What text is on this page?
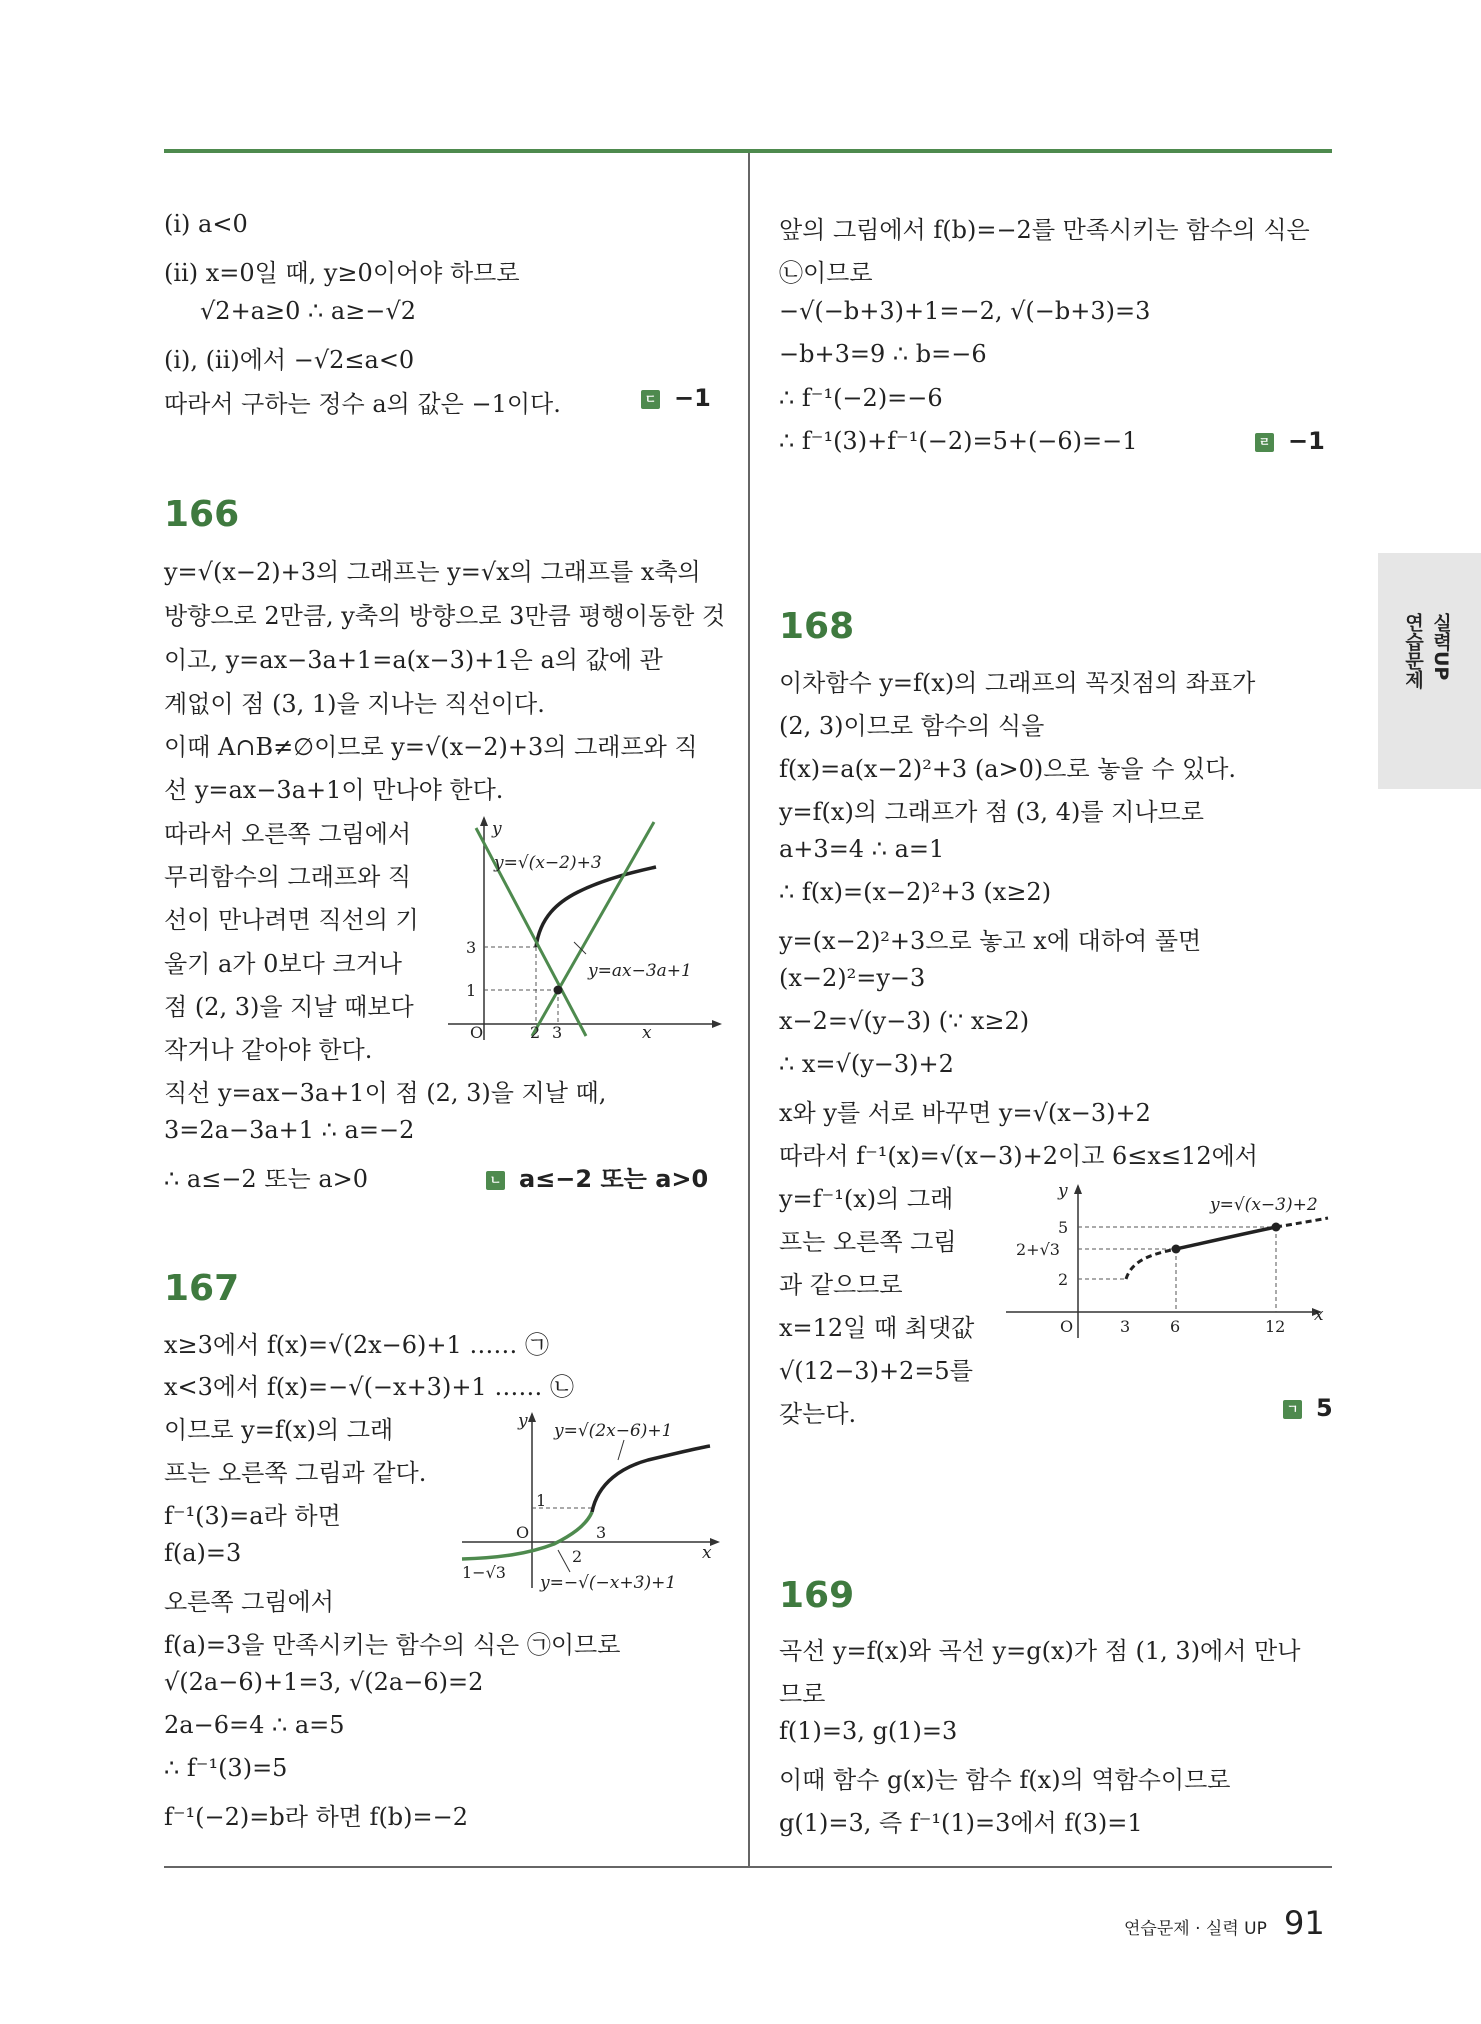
(ⅰ) a<0
(ⅱ) x=0일 때, y≥0이어야 하므로
√2+a≥0 ∴ a≥−√2
(ⅰ), (ⅱ)에서 −√2≤a<0
따라서 구하는 정수 a의 값은 −1이다.	ㄷ −1
166
y=√(x−2)+3의 그래프는 y=√x의 그래프를 x축의
방향으로 2만큼, y축의 방향으로 3만큼 평행이동한 것
이고, y=ax−3a+1=a(x−3)+1은 a의 값에 관
계없이 점 (3, 1)을 지나는 직선이다.
이때 A∩B≠∅이므로 y=√(x−2)+3의 그래프와 직
선 y=ax−3a+1이 만나야 한다.
따라서 오른쪽 그림에서
무리함수의 그래프와 직
선이 만나려면 직선의 기
울기 a가 0보다 크거나
점 (2, 3)을 지날 때보다
작거나 같아야 한다.
직선 y=ax−3a+1이 점 (2, 3)을 지날 때,
3=2a−3a+1 ∴ a=−2
∴ a≤−2 또는 a>0	ㄴ a≤−2 또는 a>0
y=√(x−2)+3
y=ax−3a+1
y
x
3
1
O	2 3
167
x≥3에서 f(x)=√(2x−6)+1 …… ㉠
x<3에서 f(x)=−√(−x+3)+1 …… ㉡
이므로 y=f(x)의 그래
프는 오른쪽 그림과 같다.
f⁻¹(3)=a라 하면
f(a)=3
오른쪽 그림에서
f(a)=3을 만족시키는 함수의 식은 ㉠이므로
√(2a−6)+1=3, √(2a−6)=2
2a−6=4 ∴ a=5
∴ f⁻¹(3)=5
f⁻¹(−2)=b라 하면 f(b)=−2
y=√(2x−6)+1
y=−√(−x+3)+1
y
x
O
1
3
2
1−√3
앞의 그림에서 f(b)=−2를 만족시키는 함수의 식은
㉡이므로
−√(−b+3)+1=−2, √(−b+3)=3
−b+3=9 ∴ b=−6
∴ f⁻¹(−2)=−6
∴ f⁻¹(3)+f⁻¹(−2)=5+(−6)=−1	ㄹ −1
168
이차함수 y=f(x)의 그래프의 꼭짓점의 좌표가
(2, 3)이므로 함수의 식을
f(x)=a(x−2)²+3 (a>0)으로 놓을 수 있다.
y=f(x)의 그래프가 점 (3, 4)를 지나므로
a+3=4 ∴ a=1
∴ f(x)=(x−2)²+3 (x≥2)
y=(x−2)²+3으로 놓고 x에 대하여 풀면
(x−2)²=y−3
x−2=√(y−3) (∵ x≥2)
∴ x=√(y−3)+2
x와 y를 서로 바꾸면 y=√(x−3)+2
따라서 f⁻¹(x)=√(x−3)+2이고 6≤x≤12에서
y=f⁻¹(x)의 그래
프는 오른쪽 그림
과 같으므로
x=12일 때 최댓값
√(12−3)+2=5를
갖는다.	ㄱ 5
y=√(x−3)+2
y
x
5
2+√3
2
O	3 6	12
169
곡선 y=f(x)와 곡선 y=g(x)가 점 (1, 3)에서 만나
므로
f(1)=3, g(1)=3
이때 함수 g(x)는 함수 f(x)의 역함수이므로
g(1)=3, 즉 f⁻¹(1)=3에서 f(3)=1
연습문제 실력UP
연습문제 · 실력 UP 91
